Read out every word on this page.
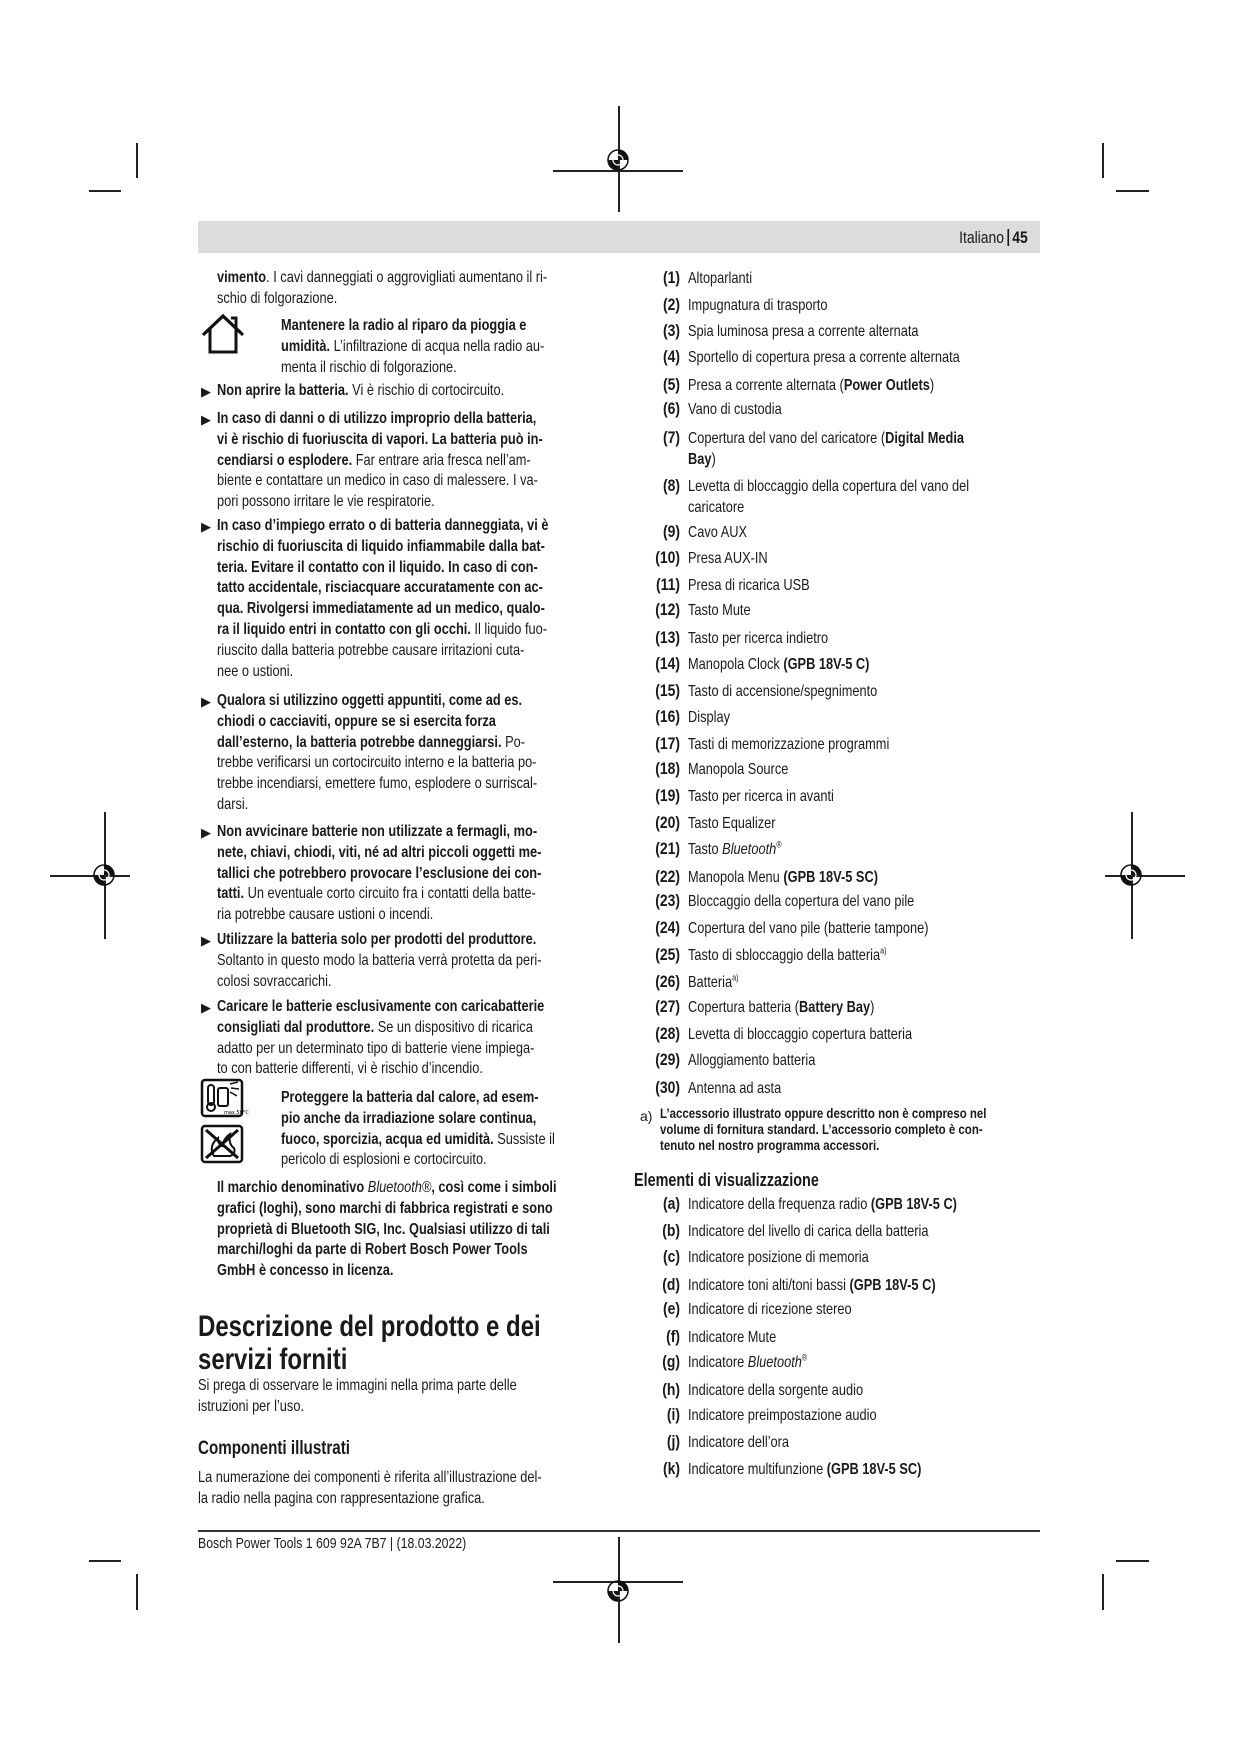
Italiano 45
vimento. I cavi danneggiati o aggrovigliati aumentano il ri-
schio di folgorazione.
Mantenere la radio al riparo da pioggia e
umidità. L’infiltrazione di acqua nella radio au-
menta il rischio di folgorazione.
Non aprire la batteria. Vi è rischio di cortocircuito.
▶
In caso di danni o di utilizzo improprio della batteria,
vi è rischio di fuoriuscita di vapori. La batteria può in-
cendiarsi o esplodere. Far entrare aria fresca nell’am-
biente e contattare un medico in caso di malessere. I va-
pori possono irritare le vie respiratorie.
▶
In caso d’impiego errato o di batteria danneggiata, vi è
rischio di fuoriuscita di liquido infiammabile dalla bat-
teria. Evitare il contatto con il liquido. In caso di con-
tatto accidentale, risciacquare accuratamente con ac-
qua. Rivolgersi immediatamente ad un medico, qualo-
ra il liquido entri in contatto con gli occhi. Il liquido fuo-
riuscito dalla batteria potrebbe causare irritazioni cuta-
nee o ustioni.
▶
Qualora si utilizzino oggetti appuntiti, come ad es.
chiodi o cacciaviti, oppure se si esercita forza
dall’esterno, la batteria potrebbe danneggiarsi. Po-
trebbe verificarsi un cortocircuito interno e la batteria po-
trebbe incendiarsi, emettere fumo, esplodere o surriscal-
darsi.
▶
Non avvicinare batterie non utilizzate a fermagli, mo-
nete, chiavi, chiodi, viti, né ad altri piccoli oggetti me-
tallici che potrebbero provocare l’esclusione dei con-
tatti. Un eventuale corto circuito fra i contatti della batte-
ria potrebbe causare ustioni o incendi.
▶
Utilizzare la batteria solo per prodotti del produttore.
Soltanto in questo modo la batteria verrà protetta da peri-
colosi sovraccarichi.
▶
Caricare le batterie esclusivamente con caricabatterie
consigliati dal produttore. Se un dispositivo di ricarica
adatto per un determinato tipo di batterie viene impiega-
to con batterie differenti, vi è rischio d’incendio.
▶
Proteggere la batteria dal calore, ad esem-
pio anche da irradiazione solare continua,
fuoco, sporcizia, acqua ed umidità. Sussiste il
pericolo di esplosioni e cortocircuito.
max.50°C
Il marchio denominativo Bluetooth®, così come i simboli
grafici (loghi), sono marchi di fabbrica registrati e sono
proprietà di Bluetooth SIG, Inc. Qualsiasi utilizzo di tali
marchi/loghi da parte di Robert Bosch Power Tools
GmbH è concesso in licenza.
Descrizione del prodotto e dei
servizi forniti
Si prega di osservare le immagini nella prima parte delle
istruzioni per l’uso.
Componenti illustrati
La numerazione dei componenti è riferita all’illustrazione del-
la radio nella pagina con rappresentazione grafica.
(1) Altoparlanti
(2) Impugnatura di trasporto
(3) Spia luminosa presa a corrente alternata
(4) Sportello di copertura presa a corrente alternata
(5) Presa a corrente alternata (Power Outlets)
(6) Vano di custodia
(7) Copertura del vano del caricatore (Digital Media
Bay)
(8) Levetta di bloccaggio della copertura del vano del
caricatore
(9) Cavo AUX
(10) Presa AUX-IN
(11) Presa di ricarica USB
(12) Tasto Mute
(13) Tasto per ricerca indietro
(14) Manopola Clock (GPB 18V-5 C)
(15) Tasto di accensione/spegnimento
(16) Display
(17) Tasti di memorizzazione programmi
(18) Manopola Source
(19) Tasto per ricerca in avanti
(20) Tasto Equalizer
(21) Tasto Bluetooth®
(22) Manopola Menu (GPB 18V-5 SC)
(23) Bloccaggio della copertura del vano pile
(24) Copertura del vano pile (batterie tampone)
(25) Tasto di sbloccaggio della batteria$^{a)}$
(26) Batteria$^{a)}$
(27) Copertura batteria (Battery Bay)
(28) Levetta di bloccaggio copertura batteria
(29) Alloggiamento batteria
(30) Antenna ad asta
(a) Indicatore della frequenza radio (GPB 18V-5 C)
(b) Indicatore del livello di carica della batteria
(c) Indicatore posizione di memoria
(d) Indicatore toni alti/toni bassi (GPB 18V-5 C)
(e) Indicatore di ricezione stereo
(f) Indicatore Mute
(g) Indicatore Bluetooth®
(h) Indicatore della sorgente audio
(i) Indicatore preimpostazione audio
(j) Indicatore dell’ora
(k) Indicatore multifunzione (GPB 18V-5 SC)
a) L’accessorio illustrato oppure descritto non è compreso nel
volume di fornitura standard. L’accessorio completo è con-
tenuto nel nostro programma accessori.
Elementi di visualizzazione
Bosch Power Tools 1 609 92A 7B7 | (18.03.2022)
